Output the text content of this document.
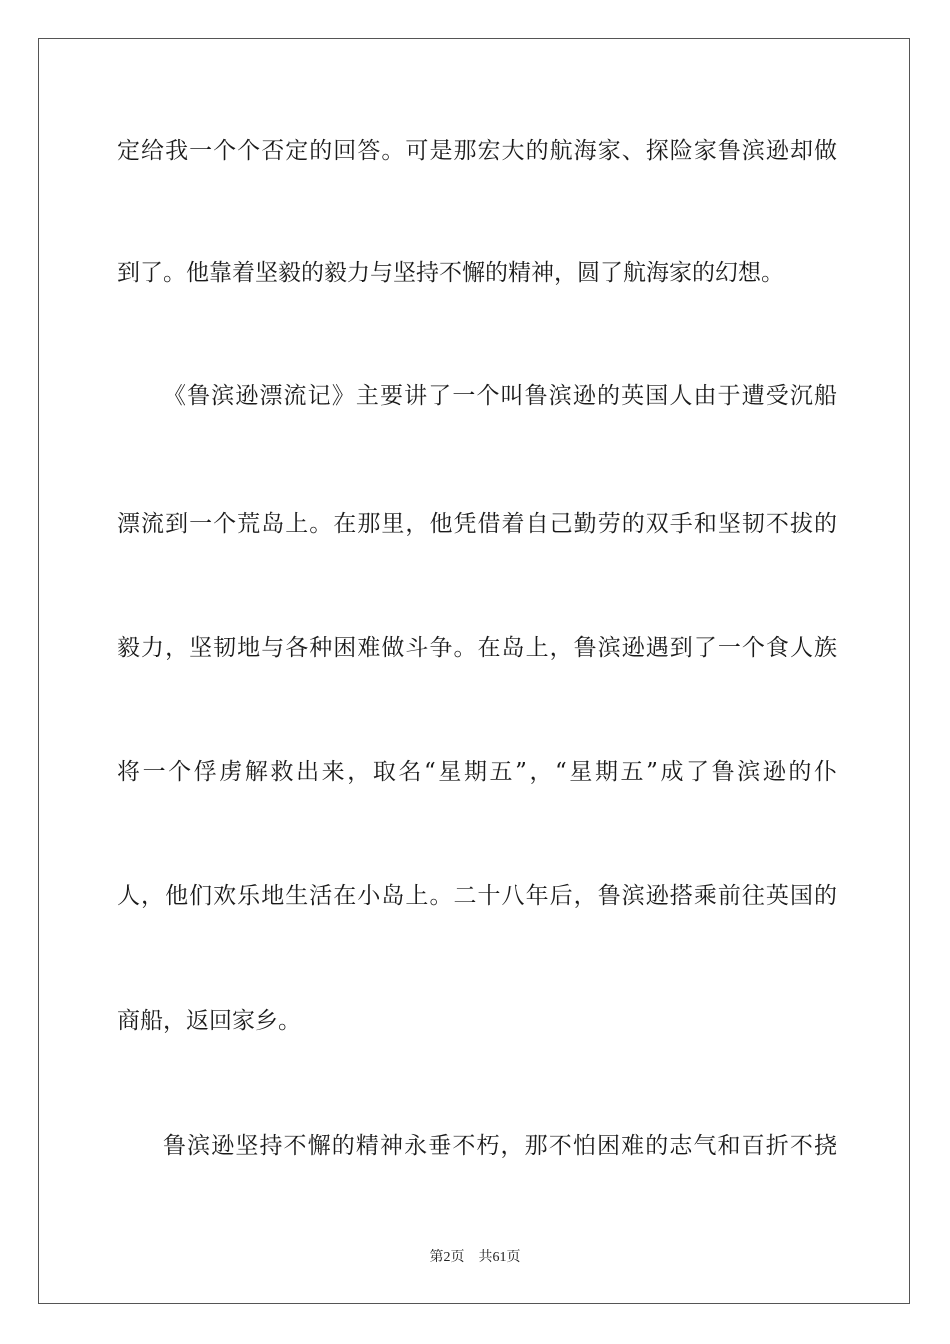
定给我一个个否定的回答。可是那宏大的航海家、探险家鲁滨逊却做
到了。他靠着坚毅的毅力与坚持不懈的精神，圆了航海家的幻想。
《鲁滨逊漂流记》主要讲了一个叫鲁滨逊的英国人由于遭受沉船
漂流到一个荒岛上。在那里，他凭借着自己勤劳的双手和坚韧不拔的
毅力，坚韧地与各种困难做斗争。在岛上，鲁滨逊遇到了一个食人族
将一个俘虏解救出来，取名“星期五”，“星期五”成了鲁滨逊的仆
人，他们欢乐地生活在小岛上。二十八年后，鲁滨逊搭乘前往英国的
商船，返回家乡。
鲁滨逊坚持不懈的精神永垂不朽，那不怕困难的志气和百折不挠
第2页 共61页
